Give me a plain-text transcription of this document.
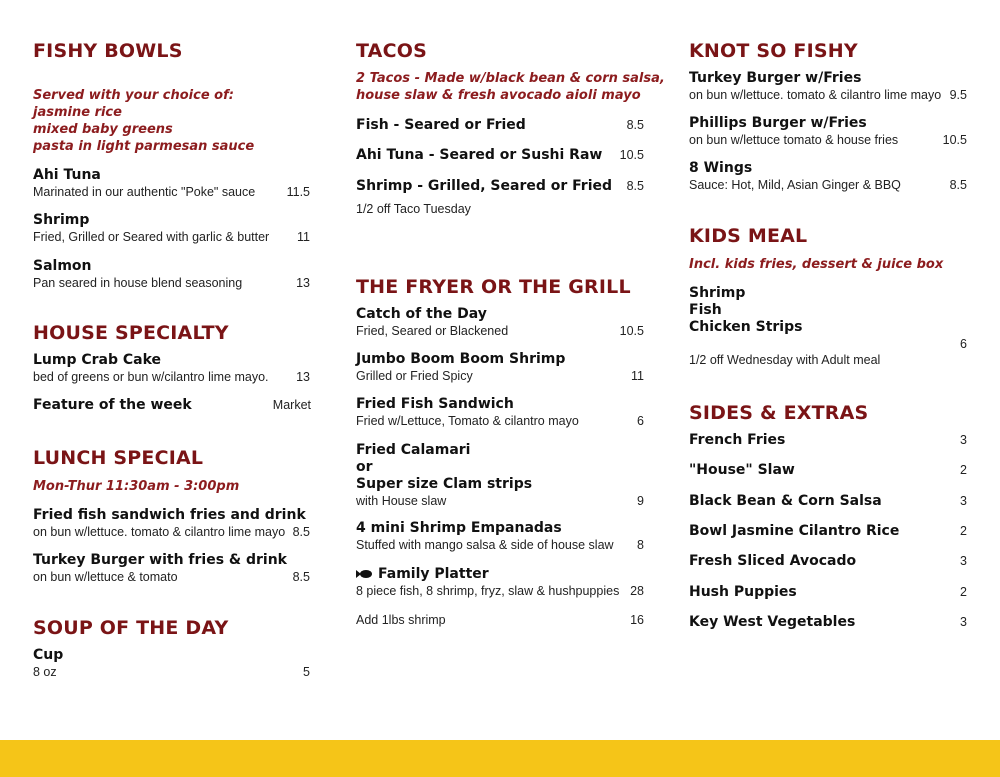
FISHY BOWLS
Served with your choice of:
jasmine rice
mixed baby greens
pasta in light parmesan sauce
Ahi Tuna
Marinated in our authentic "Poke" sauce	11.5
Shrimp
Fried, Grilled or Seared with garlic & butter	11
Salmon
Pan seared in house blend seasoning	13
HOUSE SPECIALTY
Lump Crab Cake
bed of greens or bun w/cilantro lime mayo.	13
Feature of the week	Market
LUNCH SPECIAL
Mon-Thur 11:30am - 3:00pm
Fried fish sandwich fries and drink
on bun w/lettuce. tomato & cilantro lime mayo 8.5
Turkey Burger with fries & drink
on bun w/lettuce & tomato	8.5
SOUP OF THE DAY
Cup
8 oz	5
TACOS
2 Tacos - Made w/black bean & corn salsa,
house slaw & fresh avocado aioli mayo
Fish - Seared or Fried	8.5
Ahi Tuna - Seared or Sushi Raw	10.5
Shrimp - Grilled, Seared or Fried	8.5
1/2 off Taco Tuesday
THE FRYER OR THE GRILL
Catch of the Day
Fried, Seared or Blackened	10.5
Jumbo Boom Boom Shrimp
Grilled or Fried Spicy	11
Fried Fish Sandwich
Fried w/Lettuce, Tomato & cilantro mayo	6
Fried Calamari
or
Super size Clam strips
with House slaw	9
4 mini Shrimp Empanadas
Stuffed with mango salsa & side of house slaw	8
Family Platter
8 piece fish, 8 shrimp, fryz, slaw & hushpuppies 28
Add 1lbs shrimp	16
KNOT SO FISHY
Turkey Burger w/Fries
on bun w/lettuce. tomato & cilantro lime mayo 9.5
Phillips Burger w/Fries
on bun w/lettuce tomato & house fries	10.5
8 Wings
Sauce: Hot, Mild, Asian Ginger & BBQ	8.5
KIDS MEAL
Incl. kids fries, dessert & juice box
Shrimp
Fish
Chicken Strips
6
1/2 off Wednesday with Adult meal
SIDES & EXTRAS
French Fries	3
"House" Slaw	2
Black Bean & Corn Salsa	3
Bowl Jasmine Cilantro Rice	2
Fresh Sliced Avocado	3
Hush Puppies	2
Key West Vegetables	3
